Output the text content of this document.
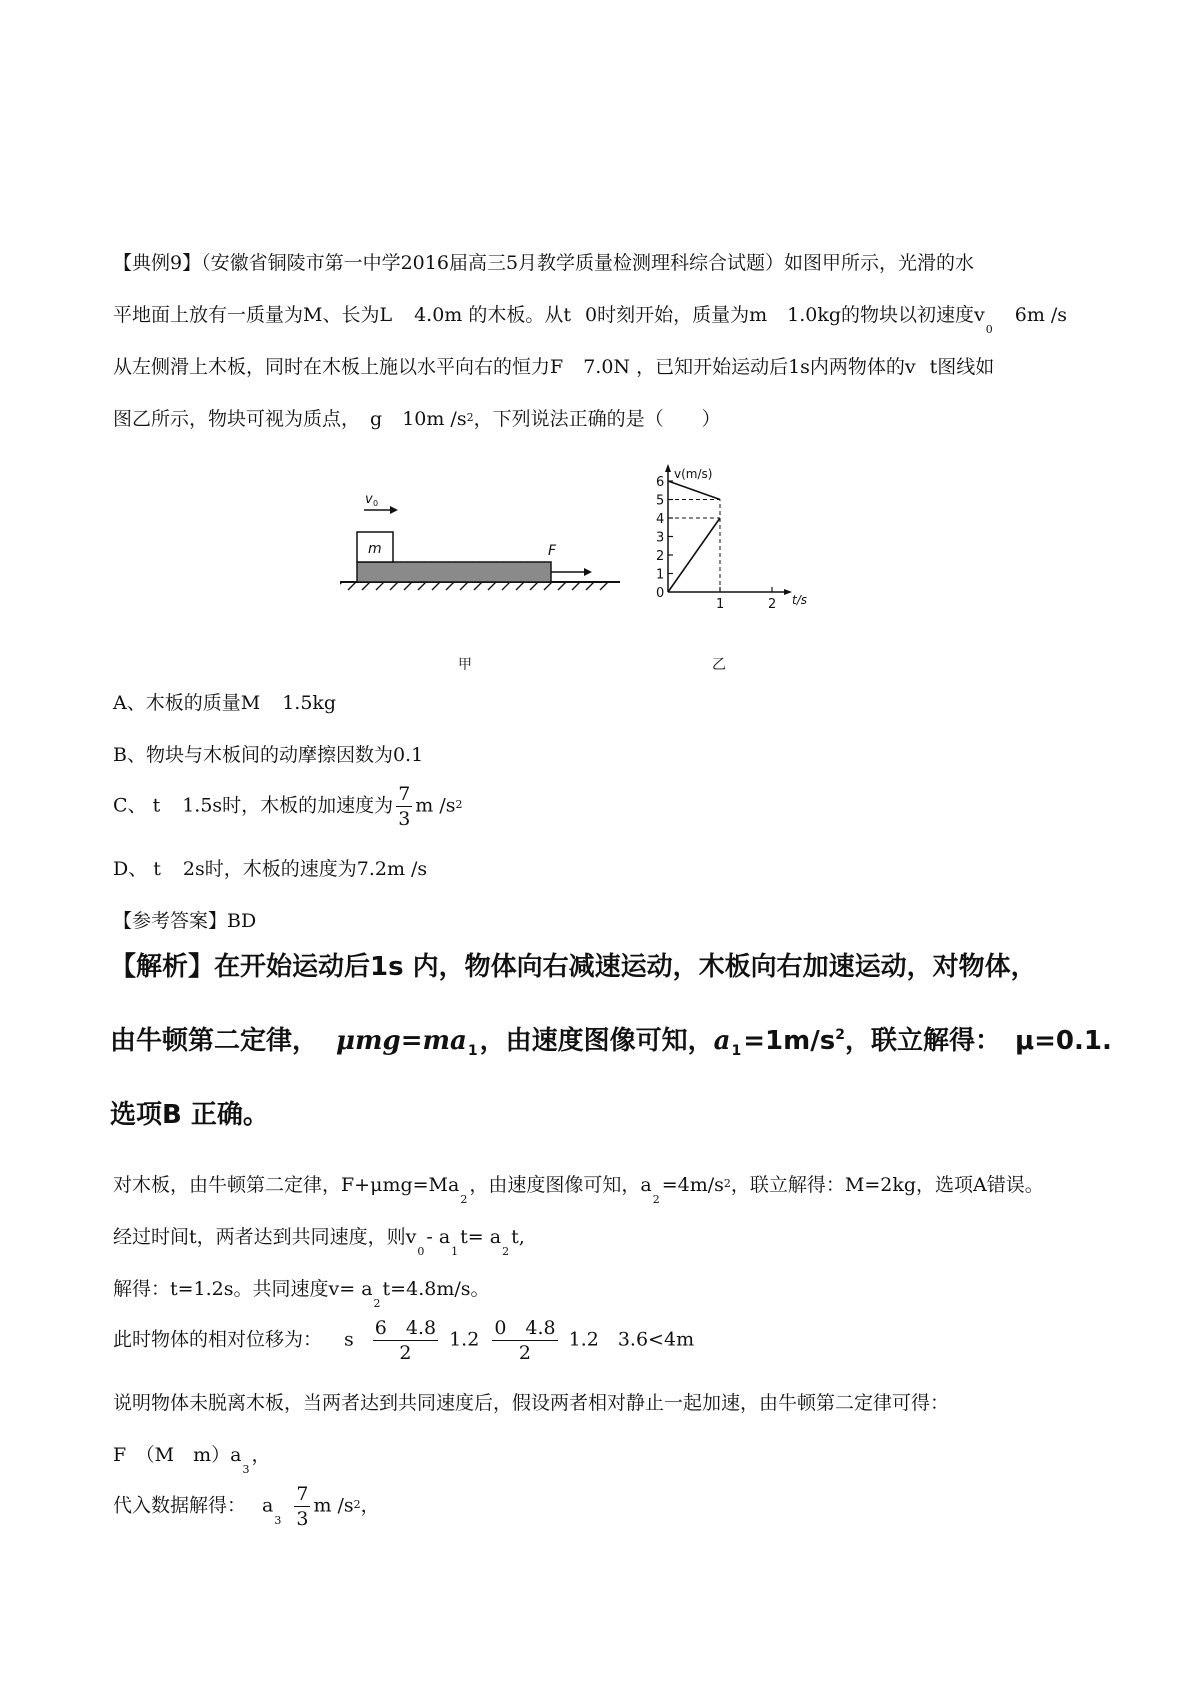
【典例9】（安徽省铜陵市第一中学2016届高三5月教学质量检测理科综合试题）如图甲所示，光滑的水
平地面上放有一质量为M、长为L 4.0m 的木板。从t 0时刻开始，质量为m 1.0kg的物块以初速度$v_06m$ /s
从左侧滑上木板，同时在木板上施以水平向右的恒力F 7.0N ，已知开始运动后1s内两物体的v t图线如
图乙所示，物块可视为质点， g 10m $/s^2$，下列说法正确的是（　　）
m
v 0
F
甲
v(m/s)
t/s
0
1
2
3
4
5
6
1	2
乙
A、木板的质量M 1.5kg
B、物块与木板间的动摩擦因数为0.1
C、 t 1.5s时，木板的加速度为 $\frac{7}{3}$ m $/s^2$
D、 t 2s时，木板的速度为7.2m /s
【参考答案】BD
【解析】在开始运动后1s 内，物体向右减速运动，木板向右加速运动，对物体，
由牛顿第二定律， $\mu mg=ma_1$，由速度图像可知，$a_1=1m/s^2$，联立解得： μ=0.1.
选项B 正确。
对木板，由牛顿第二定律，$F+\mu mg=Ma_2$，由速度图像可知，$a_2=4m/s^2$，联立解得：M=2kg，选项A错误。
经过时间t，两者达到共同速度，则$v_0-$ $a_1t= a_2t$,
解得：t=1.2s。共同速度$v= a_2t=4.8m/s$。
此时物体的相对位移为： s $\frac{6 4.8}{2} 1.2 \frac{0 4.8}{2} 1.2$　3.6<4m
说明物体未脱离木板，当两者达到共同速度后，假设两者相对静止一起加速，由牛顿第二定律可得：
F　（M　$m)a_3$，
代入数据解得： $a_3 \frac{7}{3}$ m $/s^2$，
